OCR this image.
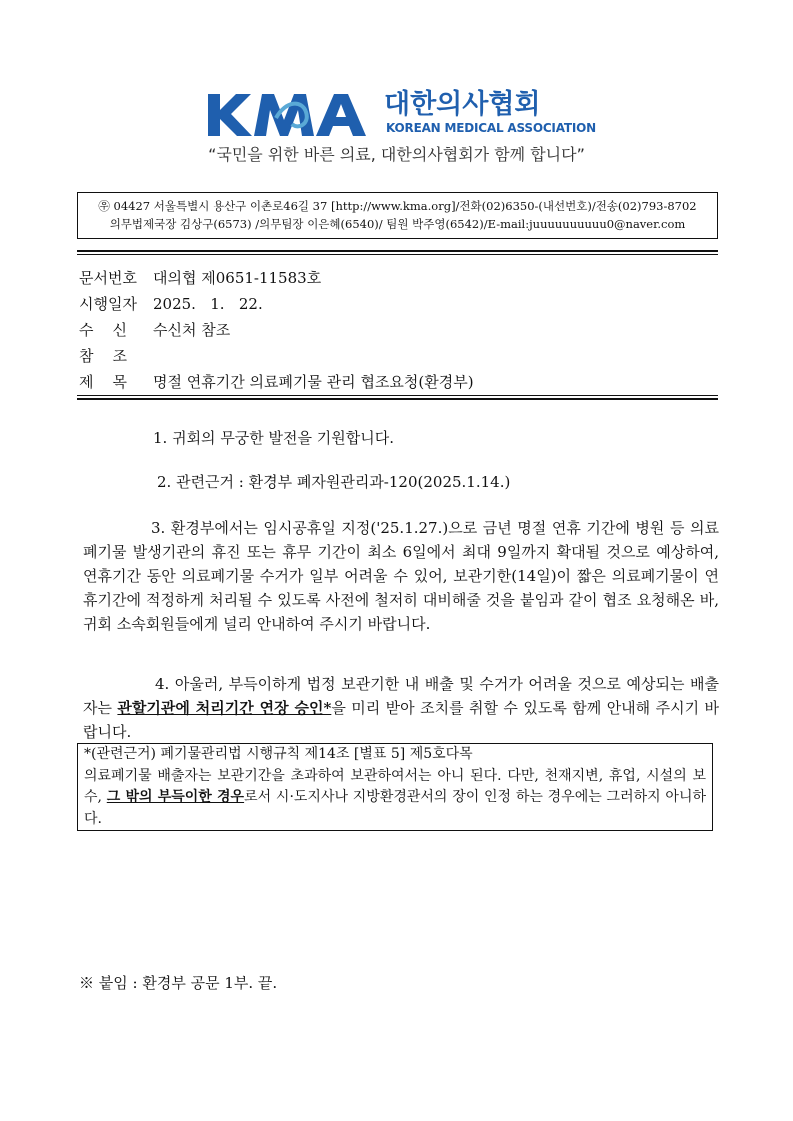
대한의사협회
KOREAN MEDICAL ASSOCIATION
“국민을 위한 바른 의료, 대한의사협회가 함께 합니다”
㉾ 04427 서울특별시 용산구 이촌로46길 37 [http://www.kma.org]/전화(02)6350-(내선번호)/전송(02)793-8702
의무법제국장 김상구(6573) /의무팀장 이은혜(6540)/ 팀원 박주영(6542)/E-mail:juuuuuuuuuu0@naver.com
문서번호 대의협 제0651-11583호
시행일자 2025.   1.   22.
수    신 수신처 참조
참    조
제    목 명절 연휴기간 의료폐기물 관리 협조요청(환경부)
1. 귀회의 무궁한 발전을 기원합니다.
2. 관련근거 : 환경부 폐자원관리과-120(2025.1.14.)
3. 환경부에서는 임시공휴일 지정('25.1.27.)으로 금년 명절 연휴 기간에 병원 등 의료폐기물 발생기관의 휴진 또는 휴무 기간이 최소 6일에서 최대 9일까지 확대될 것으로 예상하여, 연휴기간 동안 의료폐기물 수거가 일부 어려울 수 있어, 보관기한(14일)이 짧은 의료폐기물이 연휴기간에 적정하게 처리될 수 있도록 사전에 철저히 대비해줄 것을 붙임과 같이 협조 요청해온 바, 귀회 소속회원들에게 널리 안내하여 주시기 바랍니다.
4. 아울러, 부득이하게 법정 보관기한 내 배출 및 수거가 어려울 것으로 예상되는 배출자는 관할기관에 처리기간 연장 승인*을 미리 받아 조치를 취할 수 있도록 함께 안내해 주시기 바랍니다.
*(관련근거) 폐기물관리법 시행규칙 제14조 [별표 5] 제5호다목
의료폐기물 배출자는 보관기간을 초과하여 보관하여서는 아니 된다. 다만, 천재지변, 휴업, 시설의 보수, 그 밖의 부득이한 경우로서 시·도지사나 지방환경관서의 장이 인정 하는 경우에는 그러하지 아니하다.
※ 붙임 : 환경부 공문 1부. 끝.
